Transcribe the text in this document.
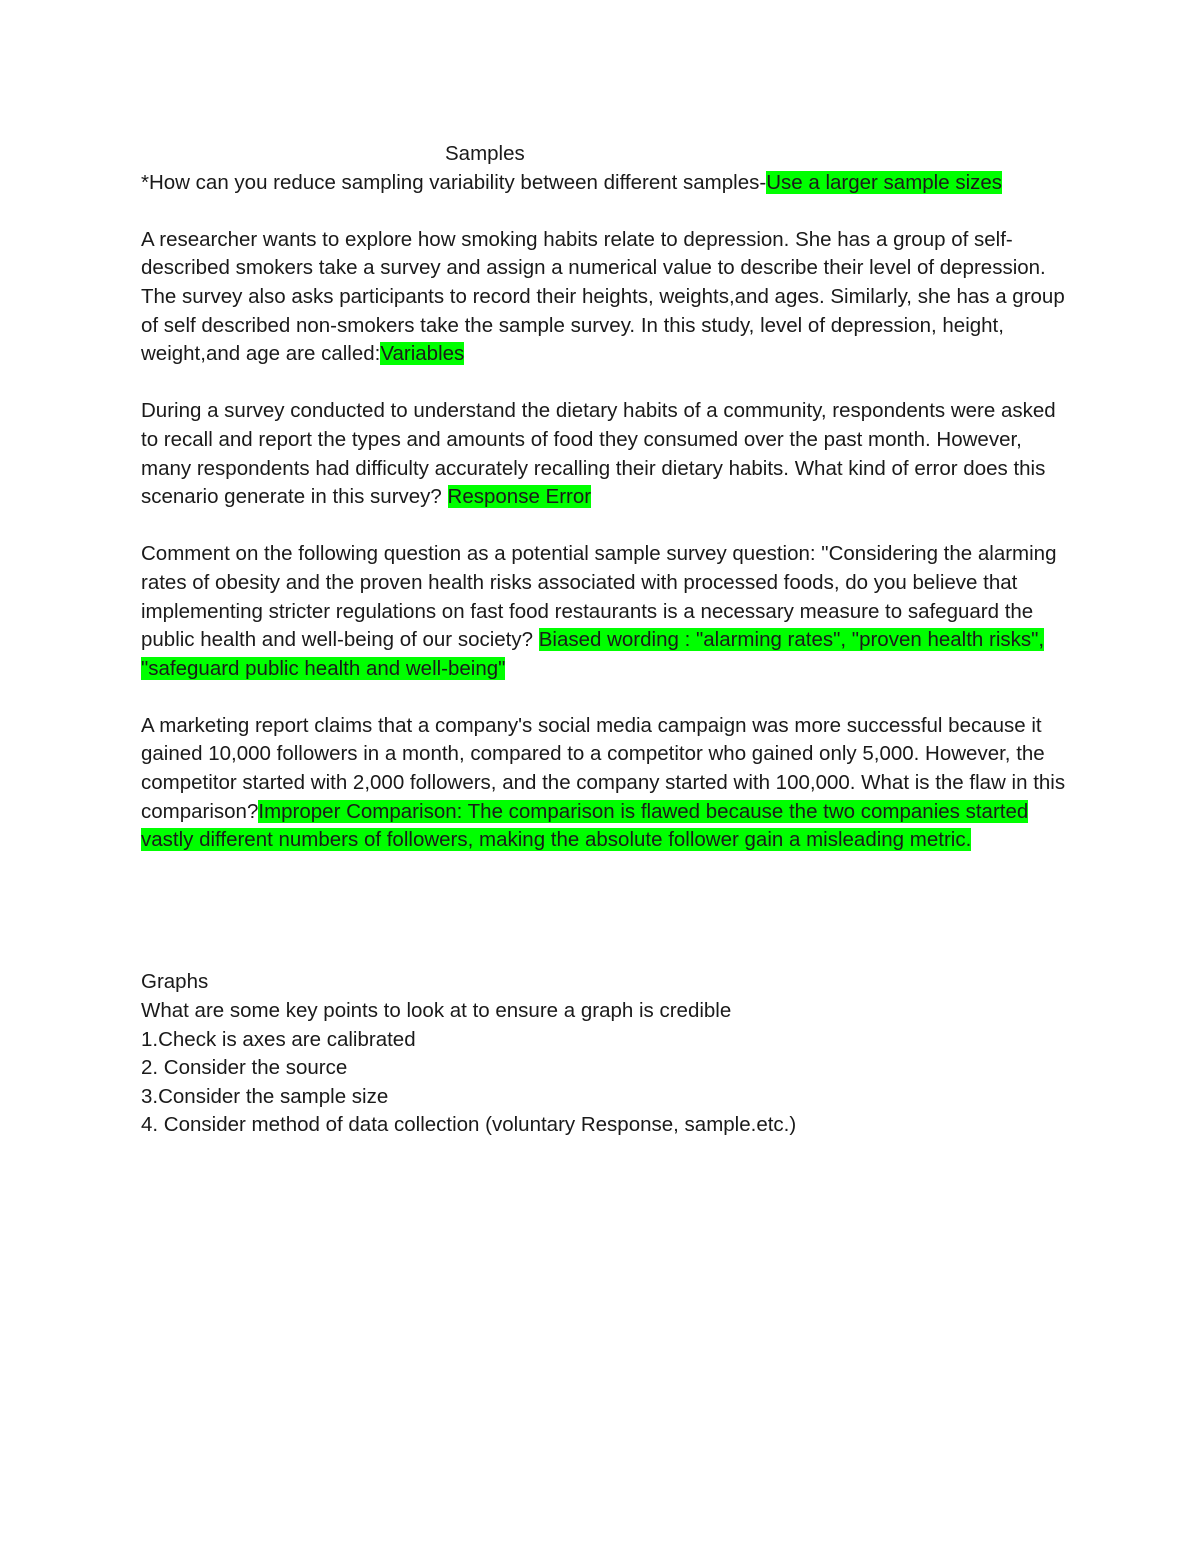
Samples

*How can you reduce sampling variability between different samples-Use a larger sample sizes

A researcher wants to explore how smoking habits relate to depression. She has a group of self-described smokers take a survey and assign a numerical value to describe their level of depression. The survey also asks participants to record their heights, weights,and ages. Similarly, she has a group of self described non-smokers take the sample survey. In this study, level of depression, height, weight,and age are called:Variables

During a survey conducted to understand the dietary habits of a community, respondents were asked to recall and report the types and amounts of food they consumed over the past month. However, many respondents had difficulty accurately recalling their dietary habits. What kind of error does this scenario generate in this survey? Response Error

Comment on the following question as a potential sample survey question: "Considering the alarming rates of obesity and the proven health risks associated with processed foods, do you believe that implementing stricter regulations on fast food restaurants is a necessary measure to safeguard the public health and well-being of our society? Biased wording : "alarming rates", "proven health risks", "safeguard public health and well-being"

A marketing report claims that a company's social media campaign was more successful because it gained 10,000 followers in a month, compared to a competitor who gained only 5,000. However, the competitor started with 2,000 followers, and the company started with 100,000. What is the flaw in this comparison?Improper Comparison: The comparison is flawed because the two companies started vastly different numbers of followers, making the absolute follower gain a misleading metric.

Graphs

What are some key points to look at to ensure a graph is credible

1.Check is axes are calibrated

2. Consider the source

3.Consider the sample size

4. Consider method of data collection (voluntary Response, sample.etc.)
